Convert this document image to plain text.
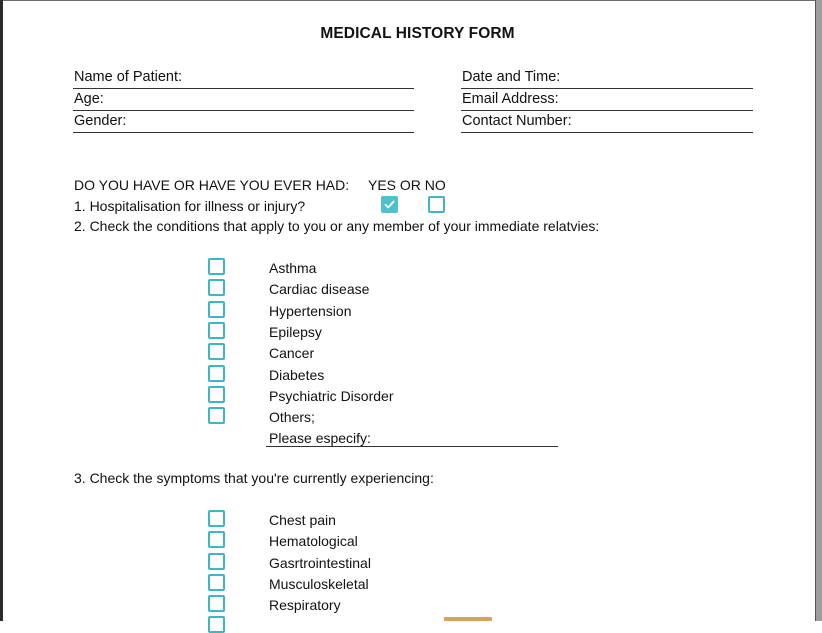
MEDICAL HISTORY FORM
Name of Patient:
Age:
Gender:
Date and Time:
Email Address:
Contact Number:
DO YOU HAVE OR HAVE YOU EVER HAD: YES OR NO
1. Hospitalisation for illness or injury?
2. Check the conditions that apply to you or any member of your immediate relatvies:
Asthma
Cardiac disease
Hypertension
Epilepsy
Cancer
Diabetes
Psychiatric Disorder
Others;
Please especify:
3. Check the symptoms that you're currently experiencing:
Chest pain
Hematological
Gasrtrointestinal
Musculoskeletal
Respiratory
